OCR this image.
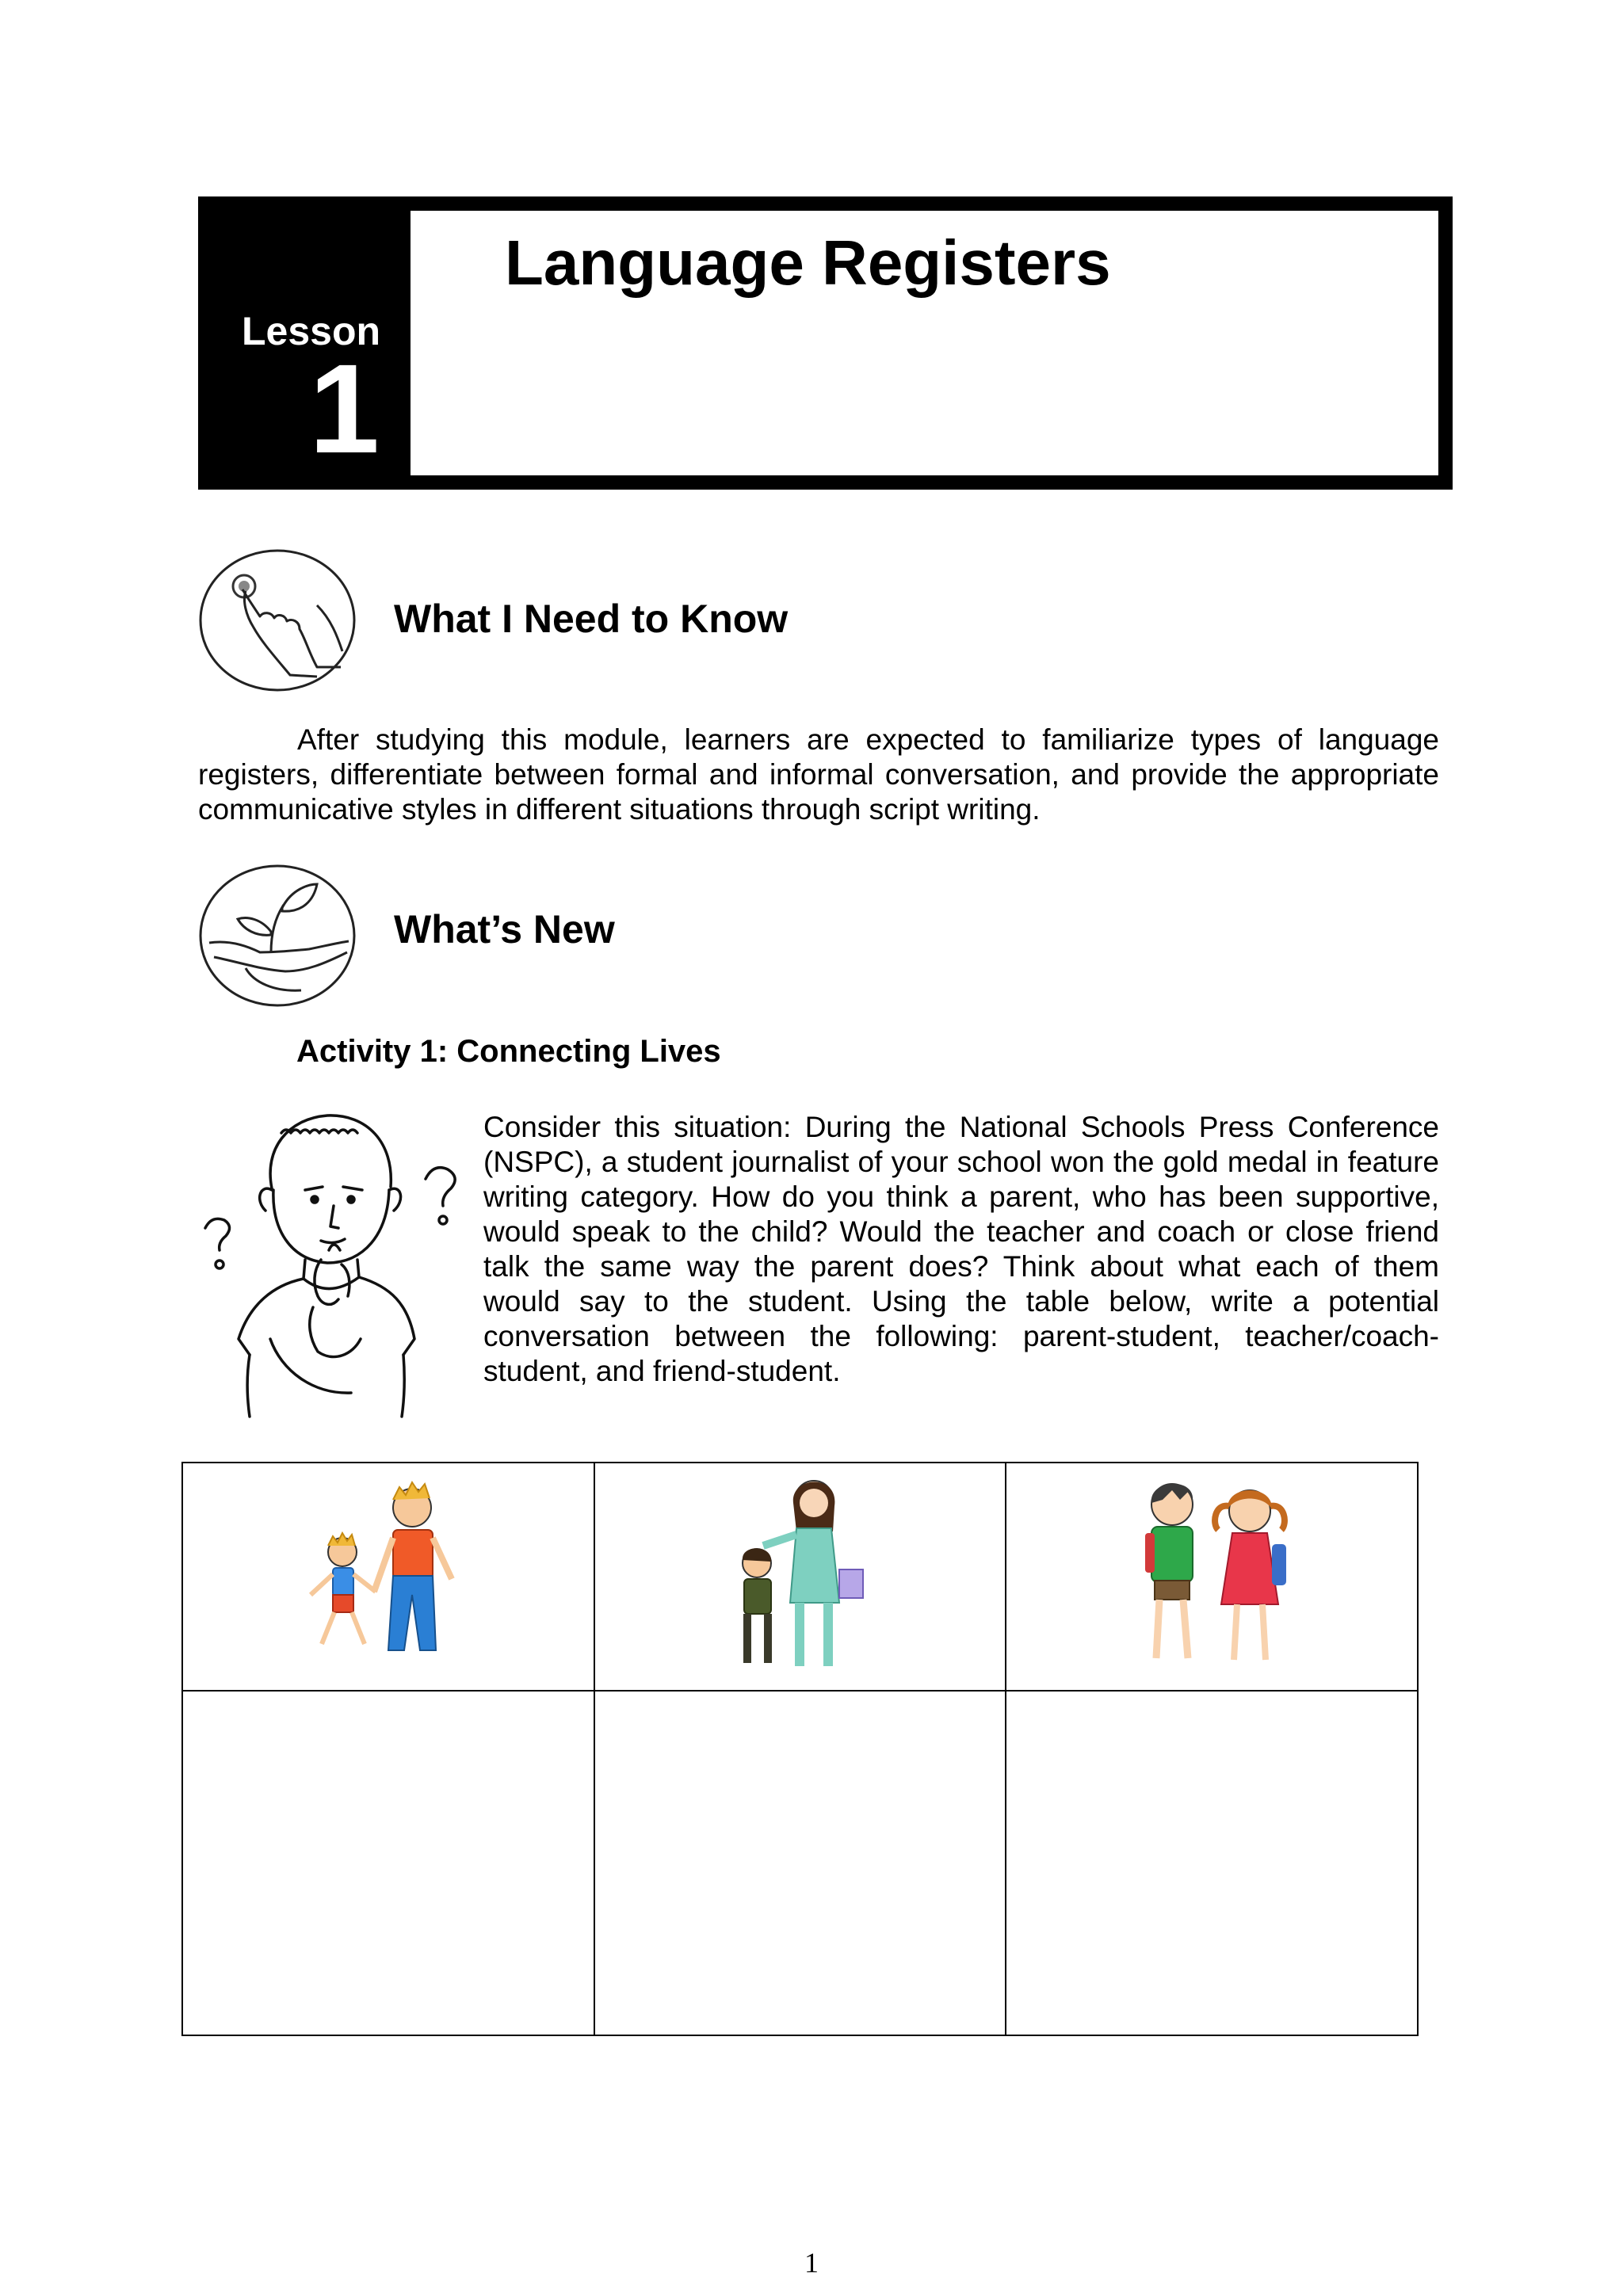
Lesson
1
Language Registers
What I Need to Know

After studying this module, learners are expected to familiarize types of language registers, differentiate between formal and informal conversation, and provide the appropriate communicative styles in different situations through script writing.

What’s New
Activity 1: Connecting Lives

Consider this situation: During the National Schools Press Conference (NSPC), a student journalist of your school won the gold medal in feature writing category. How do you think a parent, who has been supportive, would speak to the child? Would the teacher and coach or close friend talk the same way the parent does? Think about what each of them would say to the student. Using the table below, write a potential conversation between the following: parent-student, teacher/coach-student, and friend-student.

1
